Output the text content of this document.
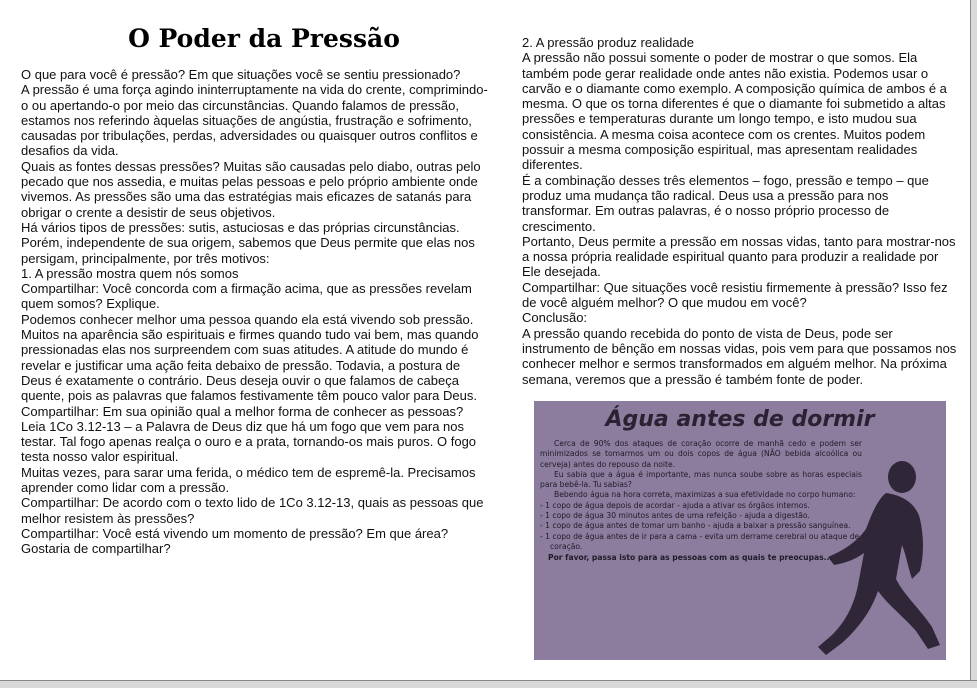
O Poder da Pressão

O que para você é pressão? Em que situações você se sentiu pressionado?

A pressão é uma força agindo ininterruptamente na vida do crente, comprimindo-o ou apertando-o por meio das circunstâncias. Quando falamos de pressão, estamos nos referindo àquelas situações de angústia, frustração e sofrimento, causadas por tribulações, perdas, adversidades ou quaisquer outros conflitos e desafios da vida.

Quais as fontes dessas pressões? Muitas são causadas pelo diabo, outras pelo pecado que nos assedia, e muitas pelas pessoas e pelo próprio ambiente onde vivemos. As pressões são uma das estratégias mais eficazes de satanás para obrigar o crente a desistir de seus objetivos.

Há vários tipos de pressões: sutis, astuciosas e das próprias circunstâncias. Porém, independente de sua origem, sabemos que Deus permite que elas nos persigam, principalmente, por três motivos:

1. A pressão mostra quem nós somos

Compartilhar: Você concorda com a firmação acima, que as pressões revelam quem somos? Explique.

Podemos conhecer melhor uma pessoa quando ela está vivendo sob pressão. Muitos na aparência são espirituais e firmes quando tudo vai bem, mas quando pressionadas elas nos surpreendem com suas atitudes. A atitude do mundo é revelar e justificar uma ação feita debaixo de pressão. Todavia, a postura de Deus é exatamente o contrário. Deus deseja ouvir o que falamos de cabeça quente, pois as palavras que falamos festivamente têm pouco valor para Deus.

Compartilhar: Em sua opinião qual a melhor forma de conhecer as pessoas?

Leia 1Co 3.12-13 – a Palavra de Deus diz que há um fogo que vem para nos testar. Tal fogo apenas realça o ouro e a prata, tornando-os mais puros. O fogo testa nosso valor espiritual.

Muitas vezes, para sarar uma ferida, o médico tem de espremê-la. Precisamos aprender como lidar com a pressão.

Compartilhar: De acordo com o texto lido de 1Co 3.12-13, quais as pessoas que melhor resistem às pressões?

Compartilhar: Você está vivendo um momento de pressão? Em que área? Gostaria de compartilhar?

2. A pressão produz realidade

A pressão não possui somente o poder de mostrar o que somos. Ela também pode gerar realidade onde antes não existia. Podemos usar o carvão e o diamante como exemplo. A composição química de ambos é a mesma. O que os torna diferentes é que o diamante foi submetido a altas pressões e temperaturas durante um longo tempo, e isto mudou sua consistência. A mesma coisa acontece com os crentes. Muitos podem possuir a mesma composição espiritual, mas apresentam realidades diferentes.

É a combinação desses três elementos – fogo, pressão e tempo – que produz uma mudança tão radical. Deus usa a pressão para nos transformar. Em outras palavras, é o nosso próprio processo de crescimento.

Portanto, Deus permite a pressão em nossas vidas, tanto para mostrar-nos a nossa própria realidade espiritual quanto para produzir a realidade por Ele desejada.

Compartilhar: Que situações você resistiu firmemente à pressão? Isso fez de você alguém melhor? O que mudou em você?

Conclusão:

A pressão quando recebida do ponto de vista de Deus, pode ser instrumento de bênção em nossas vidas, pois vem para que possamos nos conhecer melhor e sermos transformados em alguém melhor. Na próxima semana, veremos que a pressão é também fonte de poder.

Água antes de dormir

Cerca de 90% dos ataques de coração ocorre de manhã cedo e podem ser minimizados se tomarmos um ou dois copos de água (NÃO bebida alcoólica ou cerveja) antes do repouso da noite.

Eu sabia que a água é importante, mas nunca soube sobre as horas especiais para bebê-la. Tu sabias?

Bebendo água na hora correta, maximizas a sua efetividade no corpo humano:

- 1 copo de água depois de acordar - ajuda a ativar os órgãos internos.

- 1 copo de água 30 minutos antes de uma refeição - ajuda a digestão.

- 1 copo de água antes de tomar um banho - ajuda a baixar a pressão sanguínea.

- 1 copo de água antes de ir para a cama - evita um derrame cerebral ou ataque de coração.

Por favor, passa isto para as pessoas com as quais te preocupas...
